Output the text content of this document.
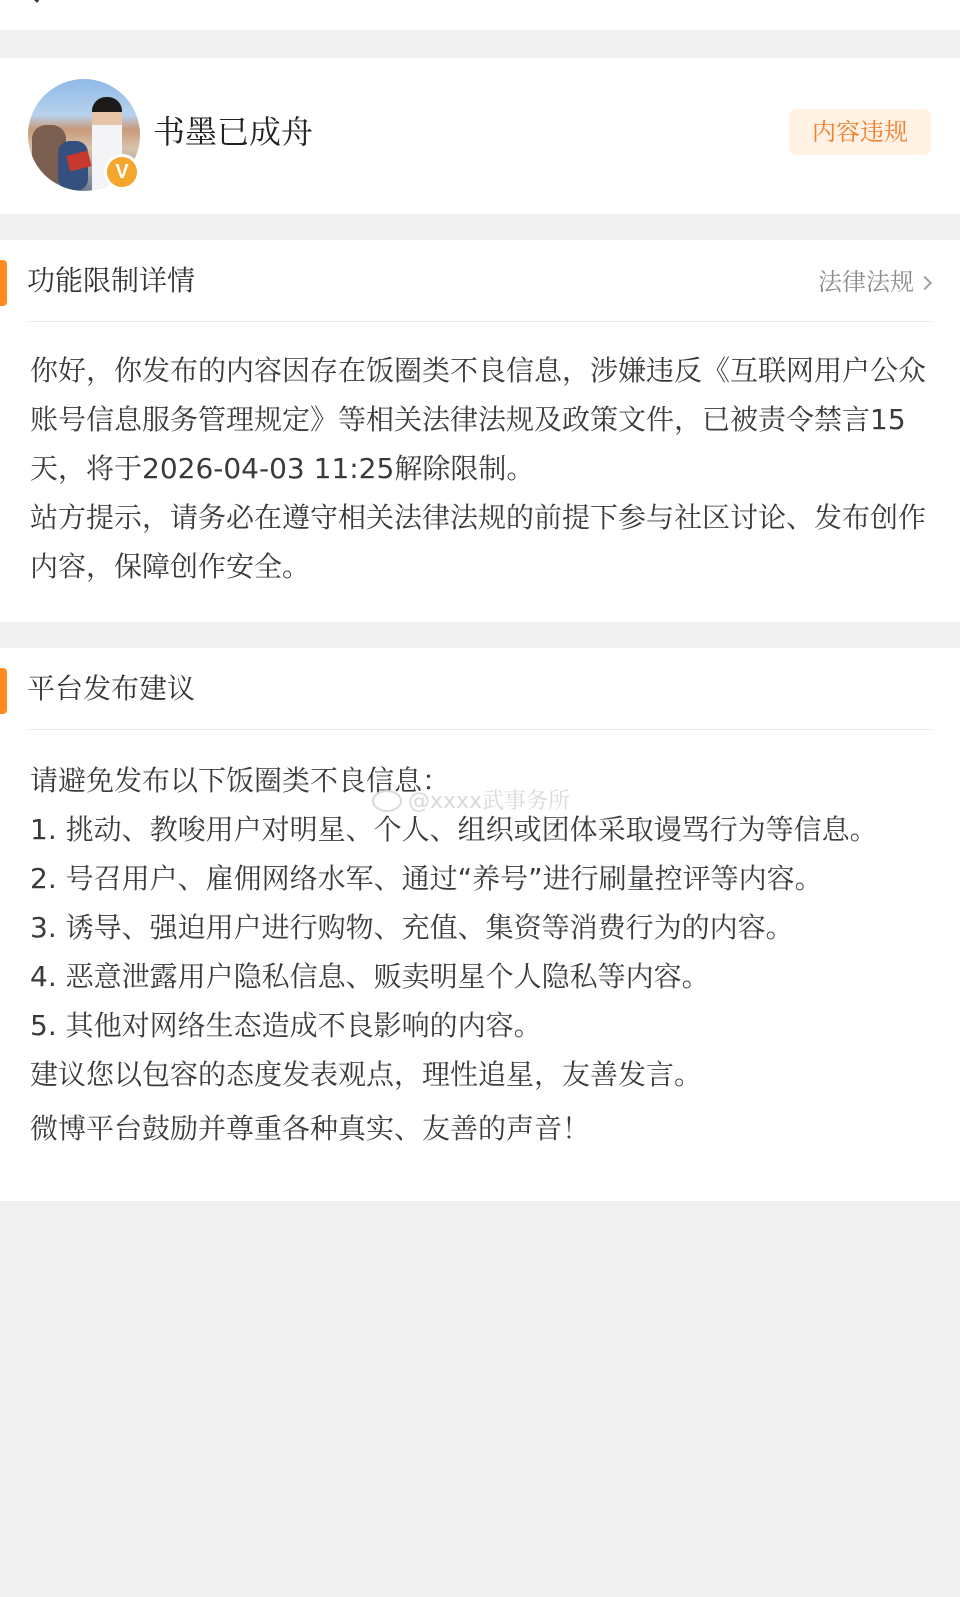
书墨已成舟	内容违规
V
功能限制详情	法律法规

你好，你发布的内容因存在饭圈类不良信息，涉嫌违反《互联网用户公众账号信息服务管理规定》等相关法律法规及政策文件，已被责令禁言15天，将于2026-04-03 11:25解除限制。

站方提示，请务必在遵守相关法律法规的前提下参与社区讨论、发布创作内容，保障创作安全。

平台发布建议
请避免发布以下饭圈类不良信息：
1. 挑动、教唆用户对明星、个人、组织或团体采取谩骂行为等信息。
2. 号召用户、雇佣网络水军、通过“养号”进行刷量控评等内容。
3. 诱导、强迫用户进行购物、充值、集资等消费行为的内容。
4. 恶意泄露用户隐私信息、贩卖明星个人隐私等内容。
5. 其他对网络生态造成不良影响的内容。
建议您以包容的态度发表观点，理性追星，友善发言。
微博平台鼓励并尊重各种真实、友善的声音！
@xxxx武事务所
